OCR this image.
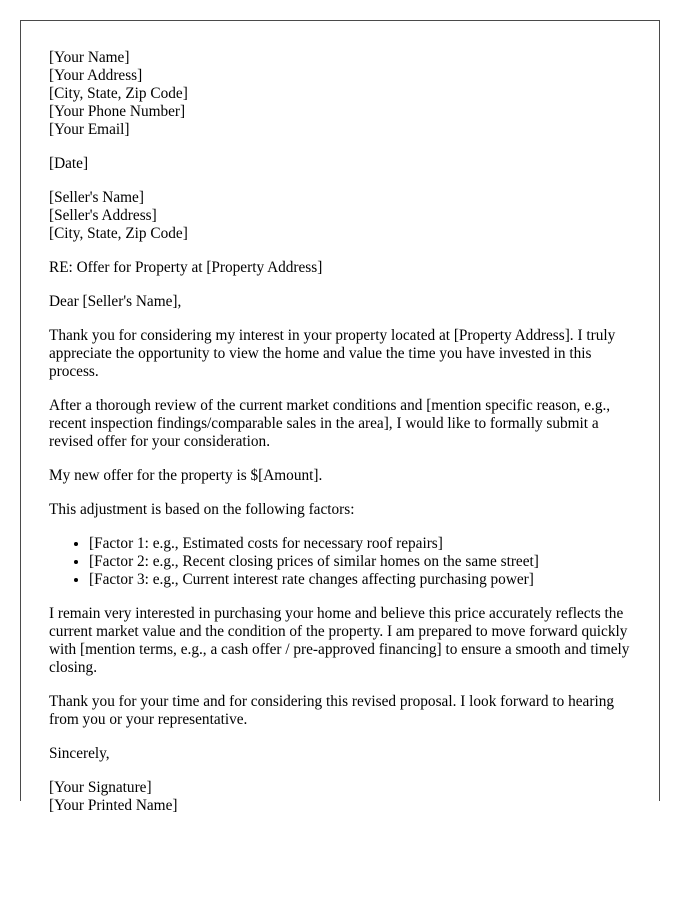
[Your Name]
[Your Address]
[City, State, Zip Code]
[Your Phone Number]
[Your Email]

[Date]

[Seller's Name]
[Seller's Address]
[City, State, Zip Code]

RE: Offer for Property at [Property Address]

Dear [Seller's Name],

Thank you for considering my interest in your property located at [Property Address]. I truly appreciate the opportunity to view the home and value the time you have invested in this process.

After a thorough review of the current market conditions and [mention specific reason, e.g., recent inspection findings/comparable sales in the area], I would like to formally submit a revised offer for your consideration.

My new offer for the property is $[Amount].

This adjustment is based on the following factors:

• [Factor 1: e.g., Estimated costs for necessary roof repairs]
• [Factor 2: e.g., Recent closing prices of similar homes on the same street]
• [Factor 3: e.g., Current interest rate changes affecting purchasing power]

I remain very interested in purchasing your home and believe this price accurately reflects the current market value and the condition of the property. I am prepared to move forward quickly with [mention terms, e.g., a cash offer / pre-approved financing] to ensure a smooth and timely closing.

Thank you for your time and for considering this revised proposal. I look forward to hearing from you or your representative.

Sincerely,

[Your Signature]
[Your Printed Name]
